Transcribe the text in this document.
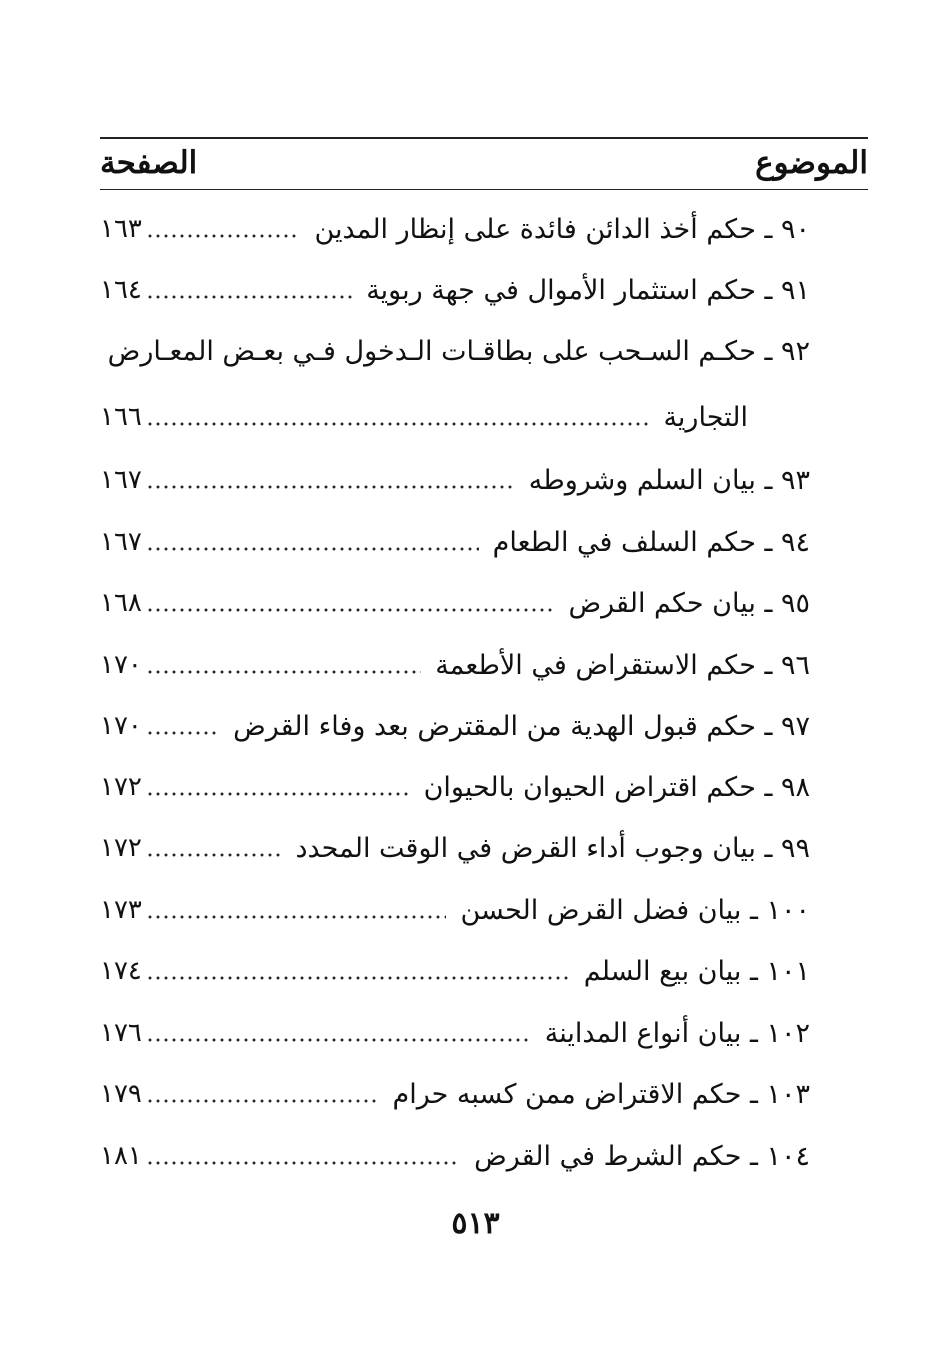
الموضوع
الصفحة
٩٠ ـ حكم أخذ الدائن فائدة على إنظار المدين
١٦٣
٩١ ـ حكم استثمار الأموال في جهة ربوية
١٦٤
٩٢ ـ حكـم السـحب على بطاقـات الـدخول فـي بعـض المعـارض
التجارية
١٦٦
٩٣ ـ بيان السلم وشروطه
١٦٧
٩٤ ـ حكم السلف في الطعام
١٦٧
٩٥ ـ بيان حكم القرض
١٦٨
٩٦ ـ حكم الاستقراض في الأطعمة
١٧٠
٩٧ ـ حكم قبول الهدية من المقترض بعد وفاء القرض
١٧٠
٩٨ ـ حكم اقتراض الحيوان بالحيوان
١٧٢
٩٩ ـ بيان وجوب أداء القرض في الوقت المحدد
١٧٢
١٠٠ ـ بيان فضل القرض الحسن
١٧٣
١٠١ ـ بيان بيع السلم
١٧٤
١٠٢ ـ بيان أنواع المداينة
١٧٦
١٠٣ ـ حكم الاقتراض ممن كسبه حرام
١٧٩
١٠٤ ـ حكم الشرط في القرض
١٨١
٥١٣
